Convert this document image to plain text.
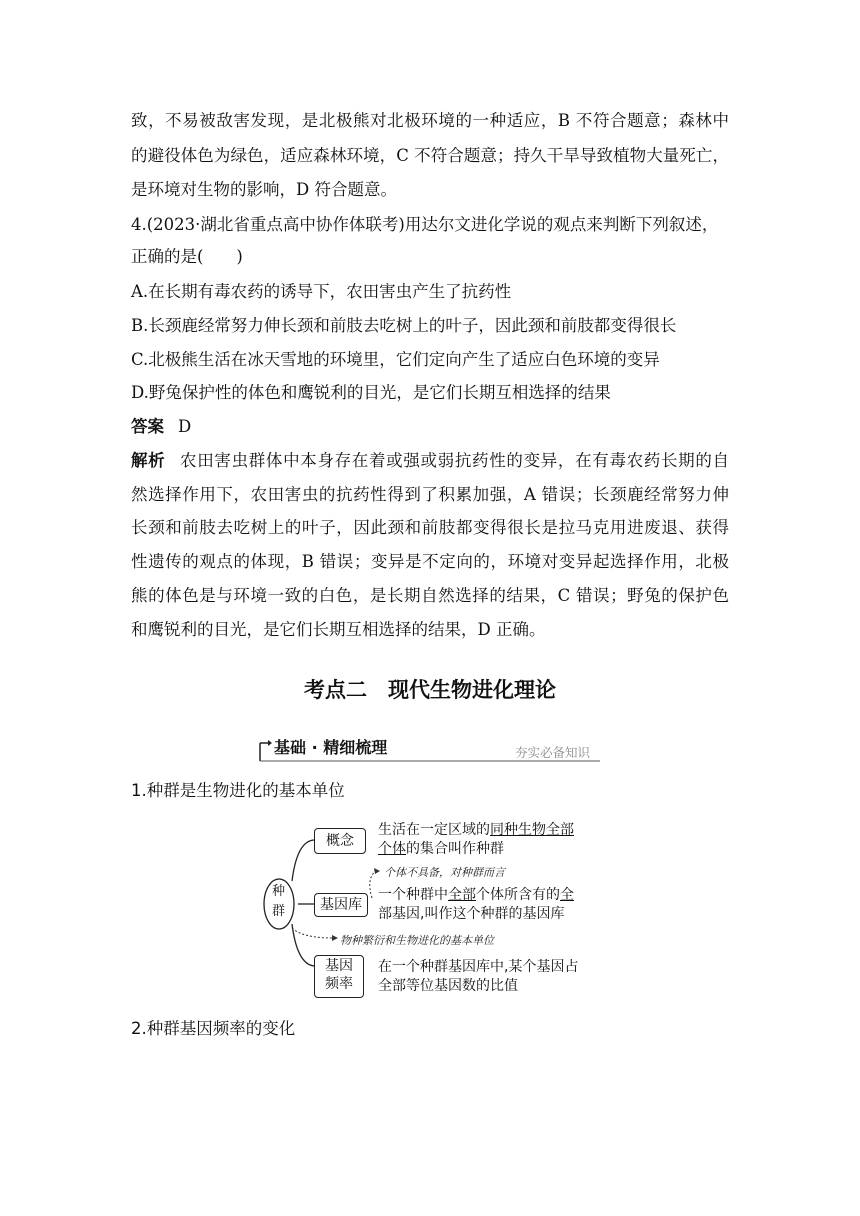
致，不易被敌害发现，是北极熊对北极环境的一种适应，B 不符合题意；森林中
的避役体色为绿色，适应森林环境，C 不符合题意；持久干旱导致植物大量死亡，
是环境对生物的影响，D 符合题意。
4.(2023·湖北省重点高中协作体联考)用达尔文进化学说的观点来判断下列叙述，
正确的是(　　)
A.在长期有毒农药的诱导下，农田害虫产生了抗药性
B.长颈鹿经常努力伸长颈和前肢去吃树上的叶子，因此颈和前肢都变得很长
C.北极熊生活在冰天雪地的环境里，它们定向产生了适应白色环境的变异
D.野兔保护性的体色和鹰锐利的目光，是它们长期互相选择的结果
答案 D
解析 农田害虫群体中本身存在着或强或弱抗药性的变异，在有毒农药长期的自
然选择作用下，农田害虫的抗药性得到了积累加强，A 错误；长颈鹿经常努力伸
长颈和前肢去吃树上的叶子，因此颈和前肢都变得很长是拉马克用进废退、获得
性遗传的观点的体现，B 错误；变异是不定向的，环境对变异起选择作用，北极
熊的体色是与环境一致的白色，是长期自然选择的结果，C 错误；野兔的保护色
和鹰锐利的目光，是它们长期互相选择的结果，D 正确。
考点二　现代生物进化理论
基础 · 精细梳理	夯实必备知识
1.种群是生物进化的基本单位
种
群
概念
生活在一定区域的同种生物全部
个体的集合叫作种群
个体不具备，对种群而言
基因库
一个种群中全部个体所含有的全
部基因,叫作这个种群的基因库
物种繁衍和生物进化的基本单位
基因
频率
在一个种群基因库中,某个基因占
全部等位基因数的比值
2.种群基因频率的变化
